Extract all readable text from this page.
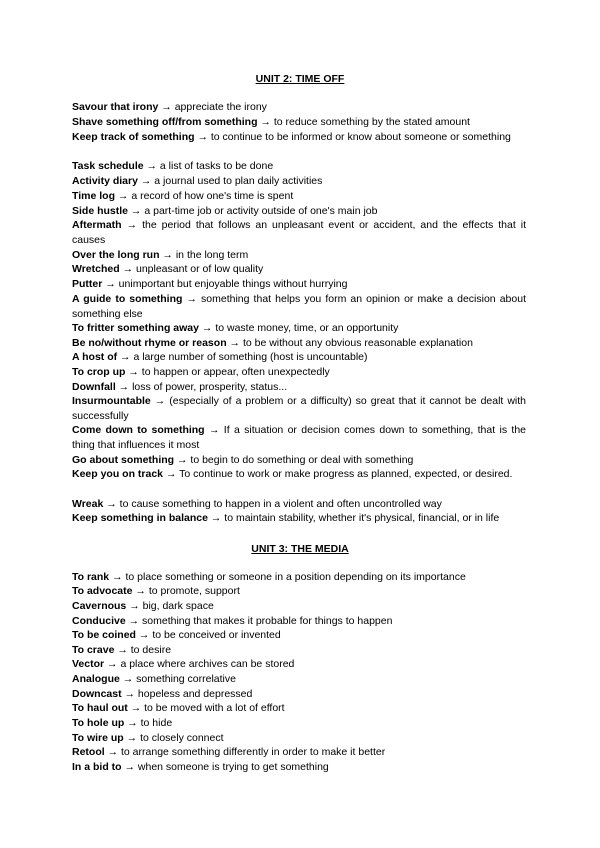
UNIT 2: TIME OFF
Savour that irony → appreciate the irony
Shave something off/from something → to reduce something by the stated amount
Keep track of something → to continue to be informed or know about someone or something
Task schedule → a list of tasks to be done
Activity diary → a journal used to plan daily activities
Time log → a record of how one's time is spent
Side hustle → a part-time job or activity outside of one's main job
Aftermath → the period that follows an unpleasant event or accident, and the effects that it causes
Over the long run → in the long term
Wretched → unpleasant or of low quality
Putter → unimportant but enjoyable things without hurrying
A guide to something → something that helps you form an opinion or make a decision about something else
To fritter something away → to waste money, time, or an opportunity
Be no/without rhyme or reason → to be without any obvious reasonable explanation
A host of → a large number of something (host is uncountable)
To crop up → to happen or appear, often unexpectedly
Downfall → loss of power, prosperity, status...
Insurmountable → (especially of a problem or a difficulty) so great that it cannot be dealt with successfully
Come down to something → If a situation or decision comes down to something, that is the thing that influences it most
Go about something → to begin to do something or deal with something
Keep you on track → To continue to work or make progress as planned, expected, or desired.
Wreak → to cause something to happen in a violent and often uncontrolled way
Keep something in balance → to maintain stability, whether it's physical, financial, or in life
UNIT 3: THE MEDIA
To rank → to place something or someone in a position depending on its importance
To advocate → to promote, support
Cavernous → big, dark space
Conducive → something that makes it probable for things to happen
To be coined → to be conceived or invented
To crave → to desire
Vector → a place where archives can be stored
Analogue → something correlative
Downcast → hopeless and depressed
To haul out → to be moved with a lot of effort
To hole up → to hide
To wire up → to closely connect
Retool → to arrange something differently in order to make it better
In a bid to → when someone is trying to get something
